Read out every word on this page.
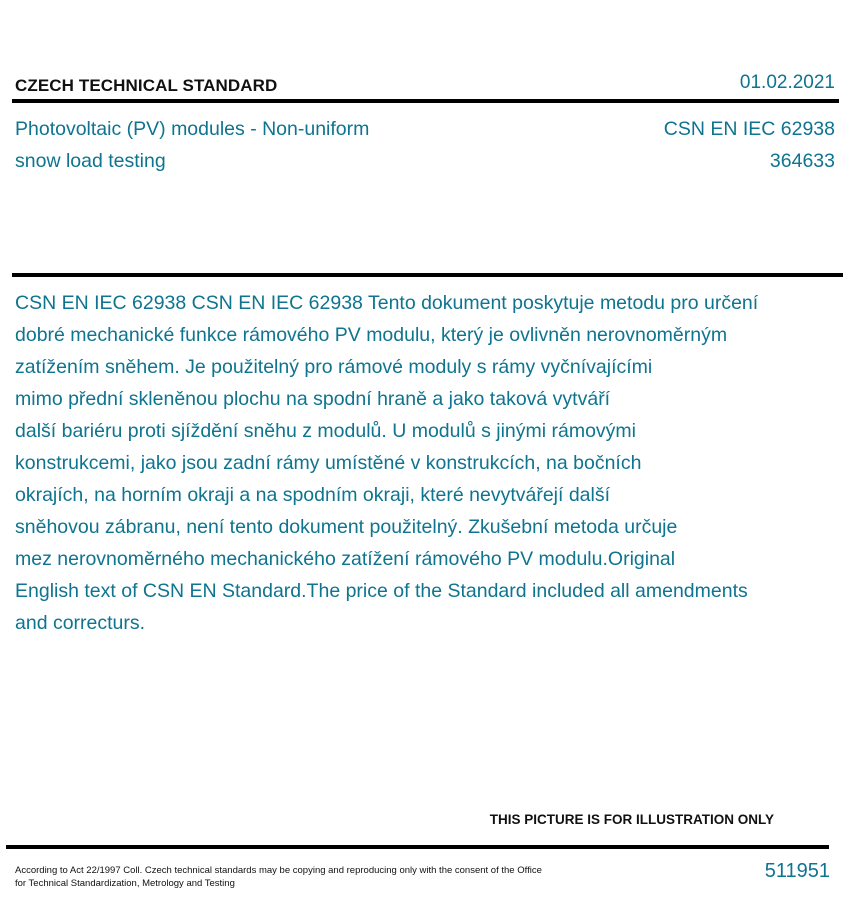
CZECH TECHNICAL STANDARD	01.02.2021
Photovoltaic (PV) modules - Non-uniform
snow load testing
CSN EN IEC 62938
364633
CSN EN IEC 62938 CSN EN IEC 62938 Tento dokument poskytuje metodu pro určení
dobré mechanické funkce rámového PV modulu, který je ovlivněn nerovnoměrným
zatížením sněhem. Je použitelný pro rámové moduly s rámy vyčnívajícími
mimo přední skleněnou plochu na spodní hraně a jako taková vytváří
další bariéru proti sjíždění sněhu z modulů. U modulů s jinými rámovými
konstrukcemi, jako jsou zadní rámy umístěné v konstrukcích, na bočních
okrajích, na horním okraji a na spodním okraji, které nevytvářejí další
sněhovou zábranu, není tento dokument použitelný. Zkušební metoda určuje
mez nerovnoměrného mechanického zatížení rámového PV modulu.Original
English text of CSN EN Standard.The price of the Standard included all amendments
and correcturs.
THIS PICTURE IS FOR ILLUSTRATION ONLY
According to Act 22/1997 Coll. Czech technical standards may be copying and reproducing only with the consent of the Office
for Technical Standardization, Metrology and Testing
511951
